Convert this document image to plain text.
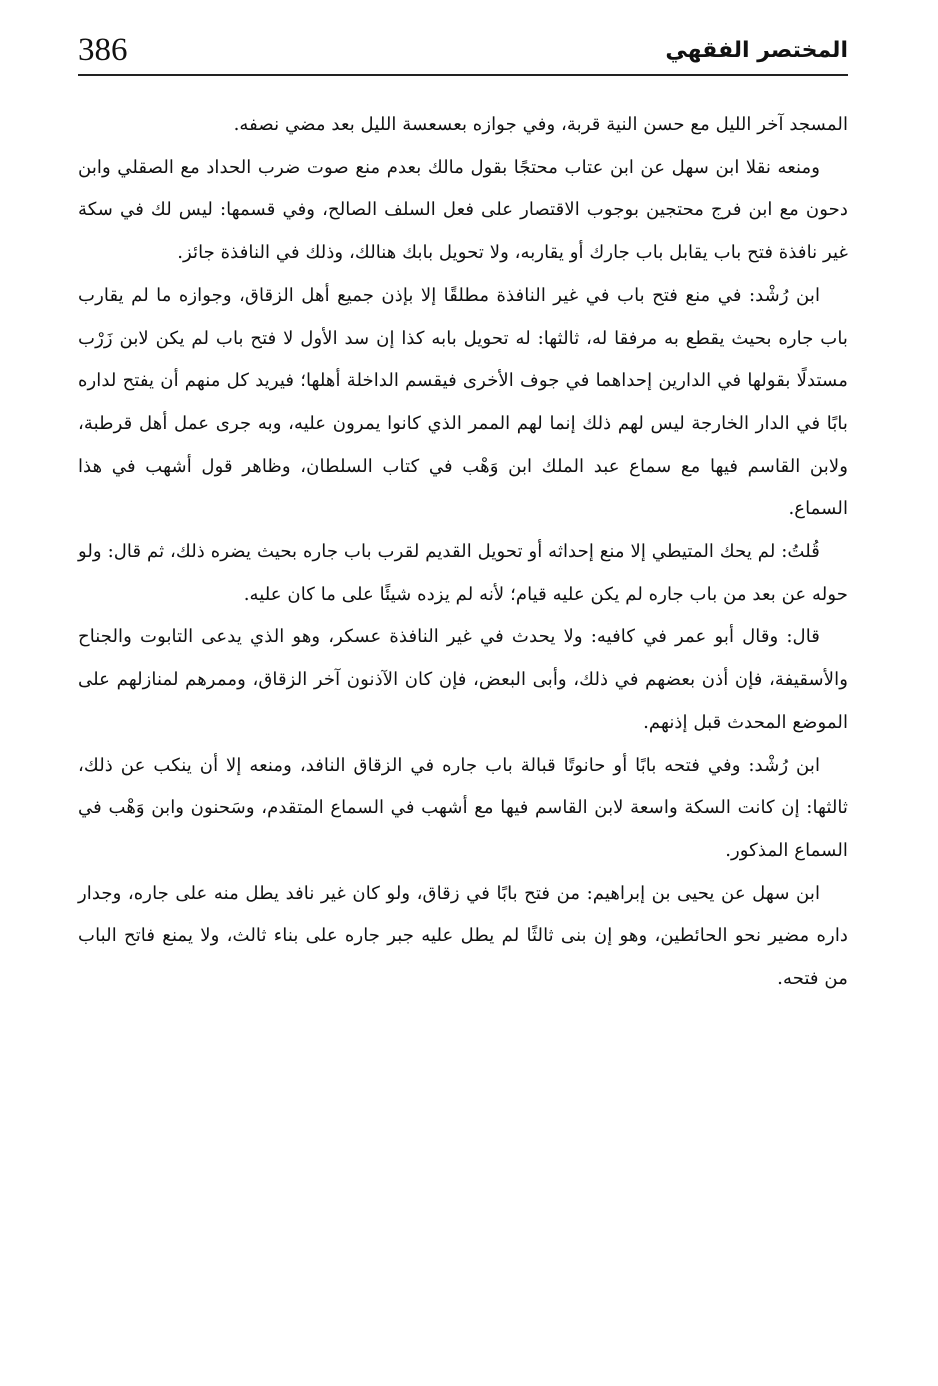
386	المختصر الفقهي

المسجد آخر الليل مع حسن النية قربة، وفي جوازه بعسعسة الليل بعد مضي نصفه.

ومنعه نقلا ابن سهل عن ابن عتاب محتجًا بقول مالك بعدم منع صوت ضرب الحداد مع الصقلي وابن دحون مع ابن فرج محتجين بوجوب الاقتصار على فعل السلف الصالح، وفي قسمها: ليس لك في سكة غير نافذة فتح باب يقابل باب جارك أو يقاربه، ولا تحويل بابك هنالك، وذلك في النافذة جائز.

ابن رُشْد: في منع فتح باب في غير النافذة مطلقًا إلا بإذن جميع أهل الزقاق، وجوازه ما لم يقارب باب جاره بحيث يقطع به مرفقا له، ثالثها: له تحويل بابه كذا إن سد الأول لا فتح باب لم يكن لابن زَرْب مستدلًا بقولها في الدارين إحداهما في جوف الأخرى فيقسم الداخلة أهلها؛ فيريد كل منهم أن يفتح لداره بابًا في الدار الخارجة ليس لهم ذلك إنما لهم الممر الذي كانوا يمرون عليه، وبه جرى عمل أهل قرطبة، ولابن القاسم فيها مع سماع عبد الملك ابن وَهْب في كتاب السلطان، وظاهر قول أشهب في هذا السماع.

قُلتُ: لم يحك المتيطي إلا منع إحداثه أو تحويل القديم لقرب باب جاره بحيث يضره ذلك، ثم قال: ولو حوله عن بعد من باب جاره لم يكن عليه قيام؛ لأنه لم يزده شيئًا على ما كان عليه.

قال: وقال أبو عمر في كافيه: ولا يحدث في غير النافذة عسكر، وهو الذي يدعى التابوت والجناح والأسقيفة، فإن أذن بعضهم في ذلك، وأبى البعض، فإن كان الآذنون آخر الزقاق، وممرهم لمنازلهم على الموضع المحدث قبل إذنهم.

ابن رُشْد: وفي فتحه بابًا أو حانوتًا قبالة باب جاره في الزقاق النافد، ومنعه إلا أن ينكب عن ذلك، ثالثها: إن كانت السكة واسعة لابن القاسم فيها مع أشهب في السماع المتقدم، وسَحنون وابن وَهْب في السماع المذكور.

ابن سهل عن يحيى بن إبراهيم: من فتح بابًا في زقاق، ولو كان غير نافد يطل منه على جاره، وجدار داره مضير نحو الحائطين، وهو إن بنى ثالثًا لم يطل عليه جبر جاره على بناء ثالث، ولا يمنع فاتح الباب من فتحه.
